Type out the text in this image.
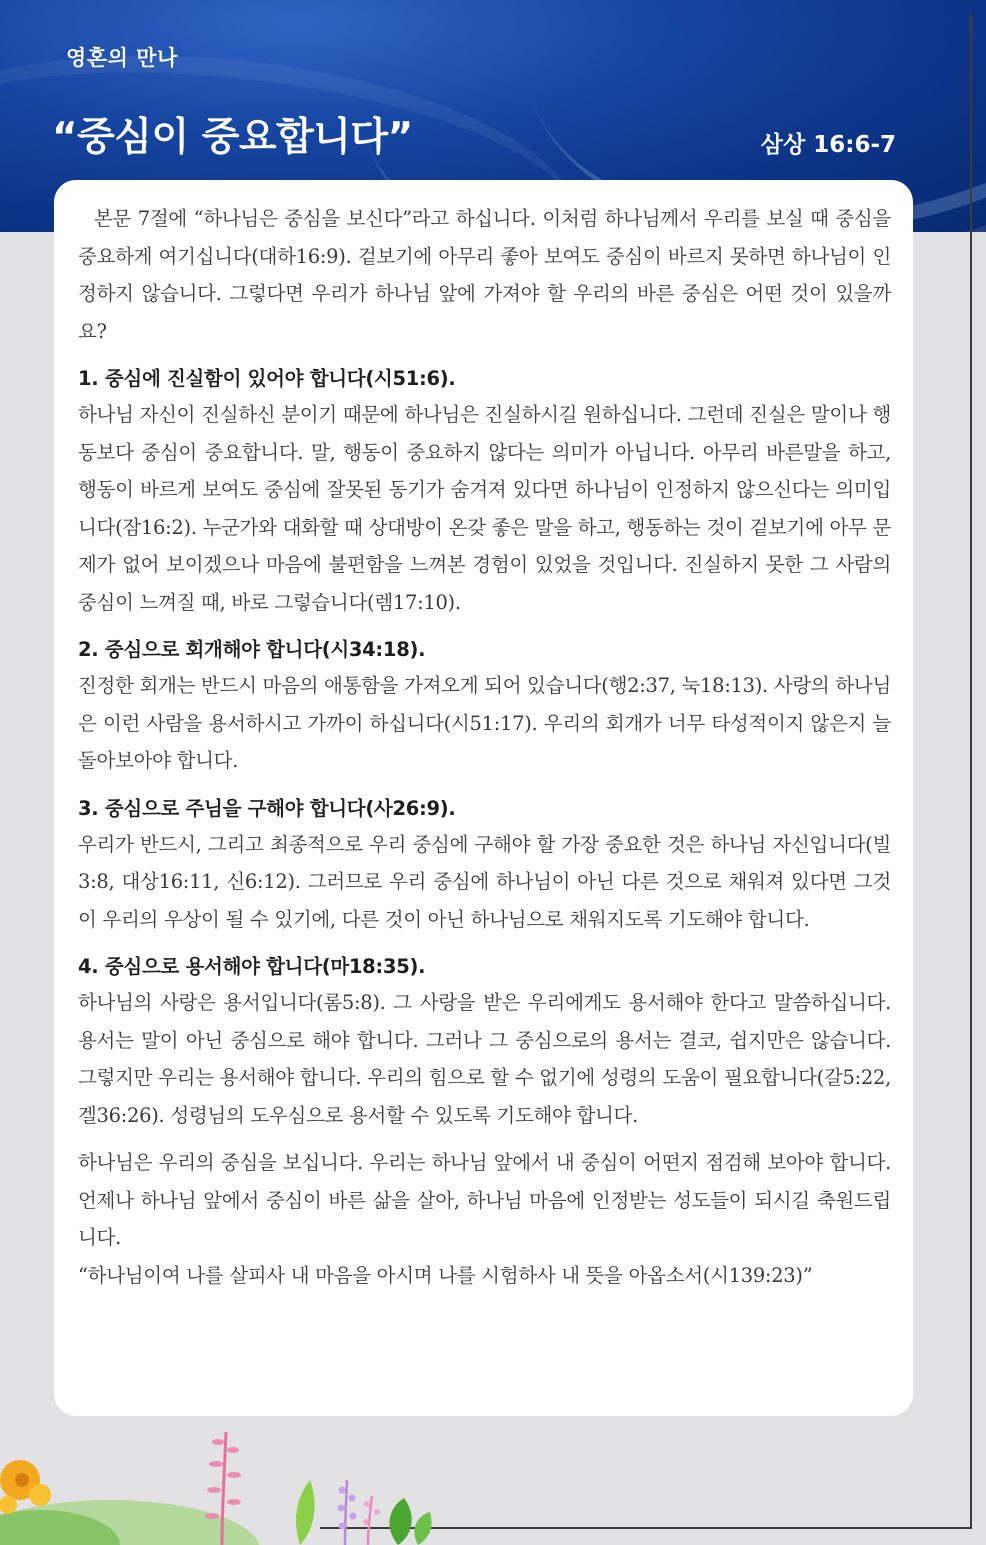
영혼의 만나
“중심이 중요합니다”	삼상 16:6-7

본문 7절에 “하나님은 중심을 보신다”라고 하십니다. 이처럼 하나님께서 우리를 보실 때 중심을 중요하게 여기십니다(대하16:9). 겉보기에 아무리 좋아 보여도 중심이 바르지 못하면 하나님이 인정하지 않습니다. 그렇다면 우리가 하나님 앞에 가져야 할 우리의 바른 중심은 어떤 것이 있을까요?

1. 중심에 진실함이 있어야 합니다(시51:6).

하나님 자신이 진실하신 분이기 때문에 하나님은 진실하시길 원하십니다. 그런데 진실은 말이나 행동보다 중심이 중요합니다. 말, 행동이 중요하지 않다는 의미가 아닙니다. 아무리 바른말을 하고, 행동이 바르게 보여도 중심에 잘못된 동기가 숨겨져 있다면 하나님이 인정하지 않으신다는 의미입니다(잠16:2). 누군가와 대화할 때 상대방이 온갖 좋은 말을 하고, 행동하는 것이 겉보기에 아무 문제가 없어 보이겠으나 마음에 불편함을 느껴본 경험이 있었을 것입니다. 진실하지 못한 그 사람의 중심이 느껴질 때, 바로 그렇습니다(렘17:10).

2. 중심으로 회개해야 합니다(시34:18).

진정한 회개는 반드시 마음의 애통함을 가져오게 되어 있습니다(행2:37, 눅18:13). 사랑의 하나님은 이런 사람을 용서하시고 가까이 하십니다(시51:17). 우리의 회개가 너무 타성적이지 않은지 늘 돌아보아야 합니다.

3. 중심으로 주님을 구해야 합니다(사26:9).

우리가 반드시, 그리고 최종적으로 우리 중심에 구해야 할 가장 중요한 것은 하나님 자신입니다(빌3:8, 대상16:11, 신6:12). 그러므로 우리 중심에 하나님이 아닌 다른 것으로 채워져 있다면 그것이 우리의 우상이 될 수 있기에, 다른 것이 아닌 하나님으로 채워지도록 기도해야 합니다.

4. 중심으로 용서해야 합니다(마18:35).

하나님의 사랑은 용서입니다(롬5:8). 그 사랑을 받은 우리에게도 용서해야 한다고 말씀하십니다. 용서는 말이 아닌 중심으로 해야 합니다. 그러나 그 중심으로의 용서는 결코, 쉽지만은 않습니다. 그렇지만 우리는 용서해야 합니다. 우리의 힘으로 할 수 없기에 성령의 도움이 필요합니다(갈5:22, 겔36:26). 성령님의 도우심으로 용서할 수 있도록 기도해야 합니다.

하나님은 우리의 중심을 보십니다. 우리는 하나님 앞에서 내 중심이 어떤지 점검해 보아야 합니다. 언제나 하나님 앞에서 중심이 바른 삶을 살아, 하나님 마음에 인정받는 성도들이 되시길 축원드립니다.

“하나님이여 나를 살피사 내 마음을 아시며 나를 시험하사 내 뜻을 아옵소서(시139:23)”
